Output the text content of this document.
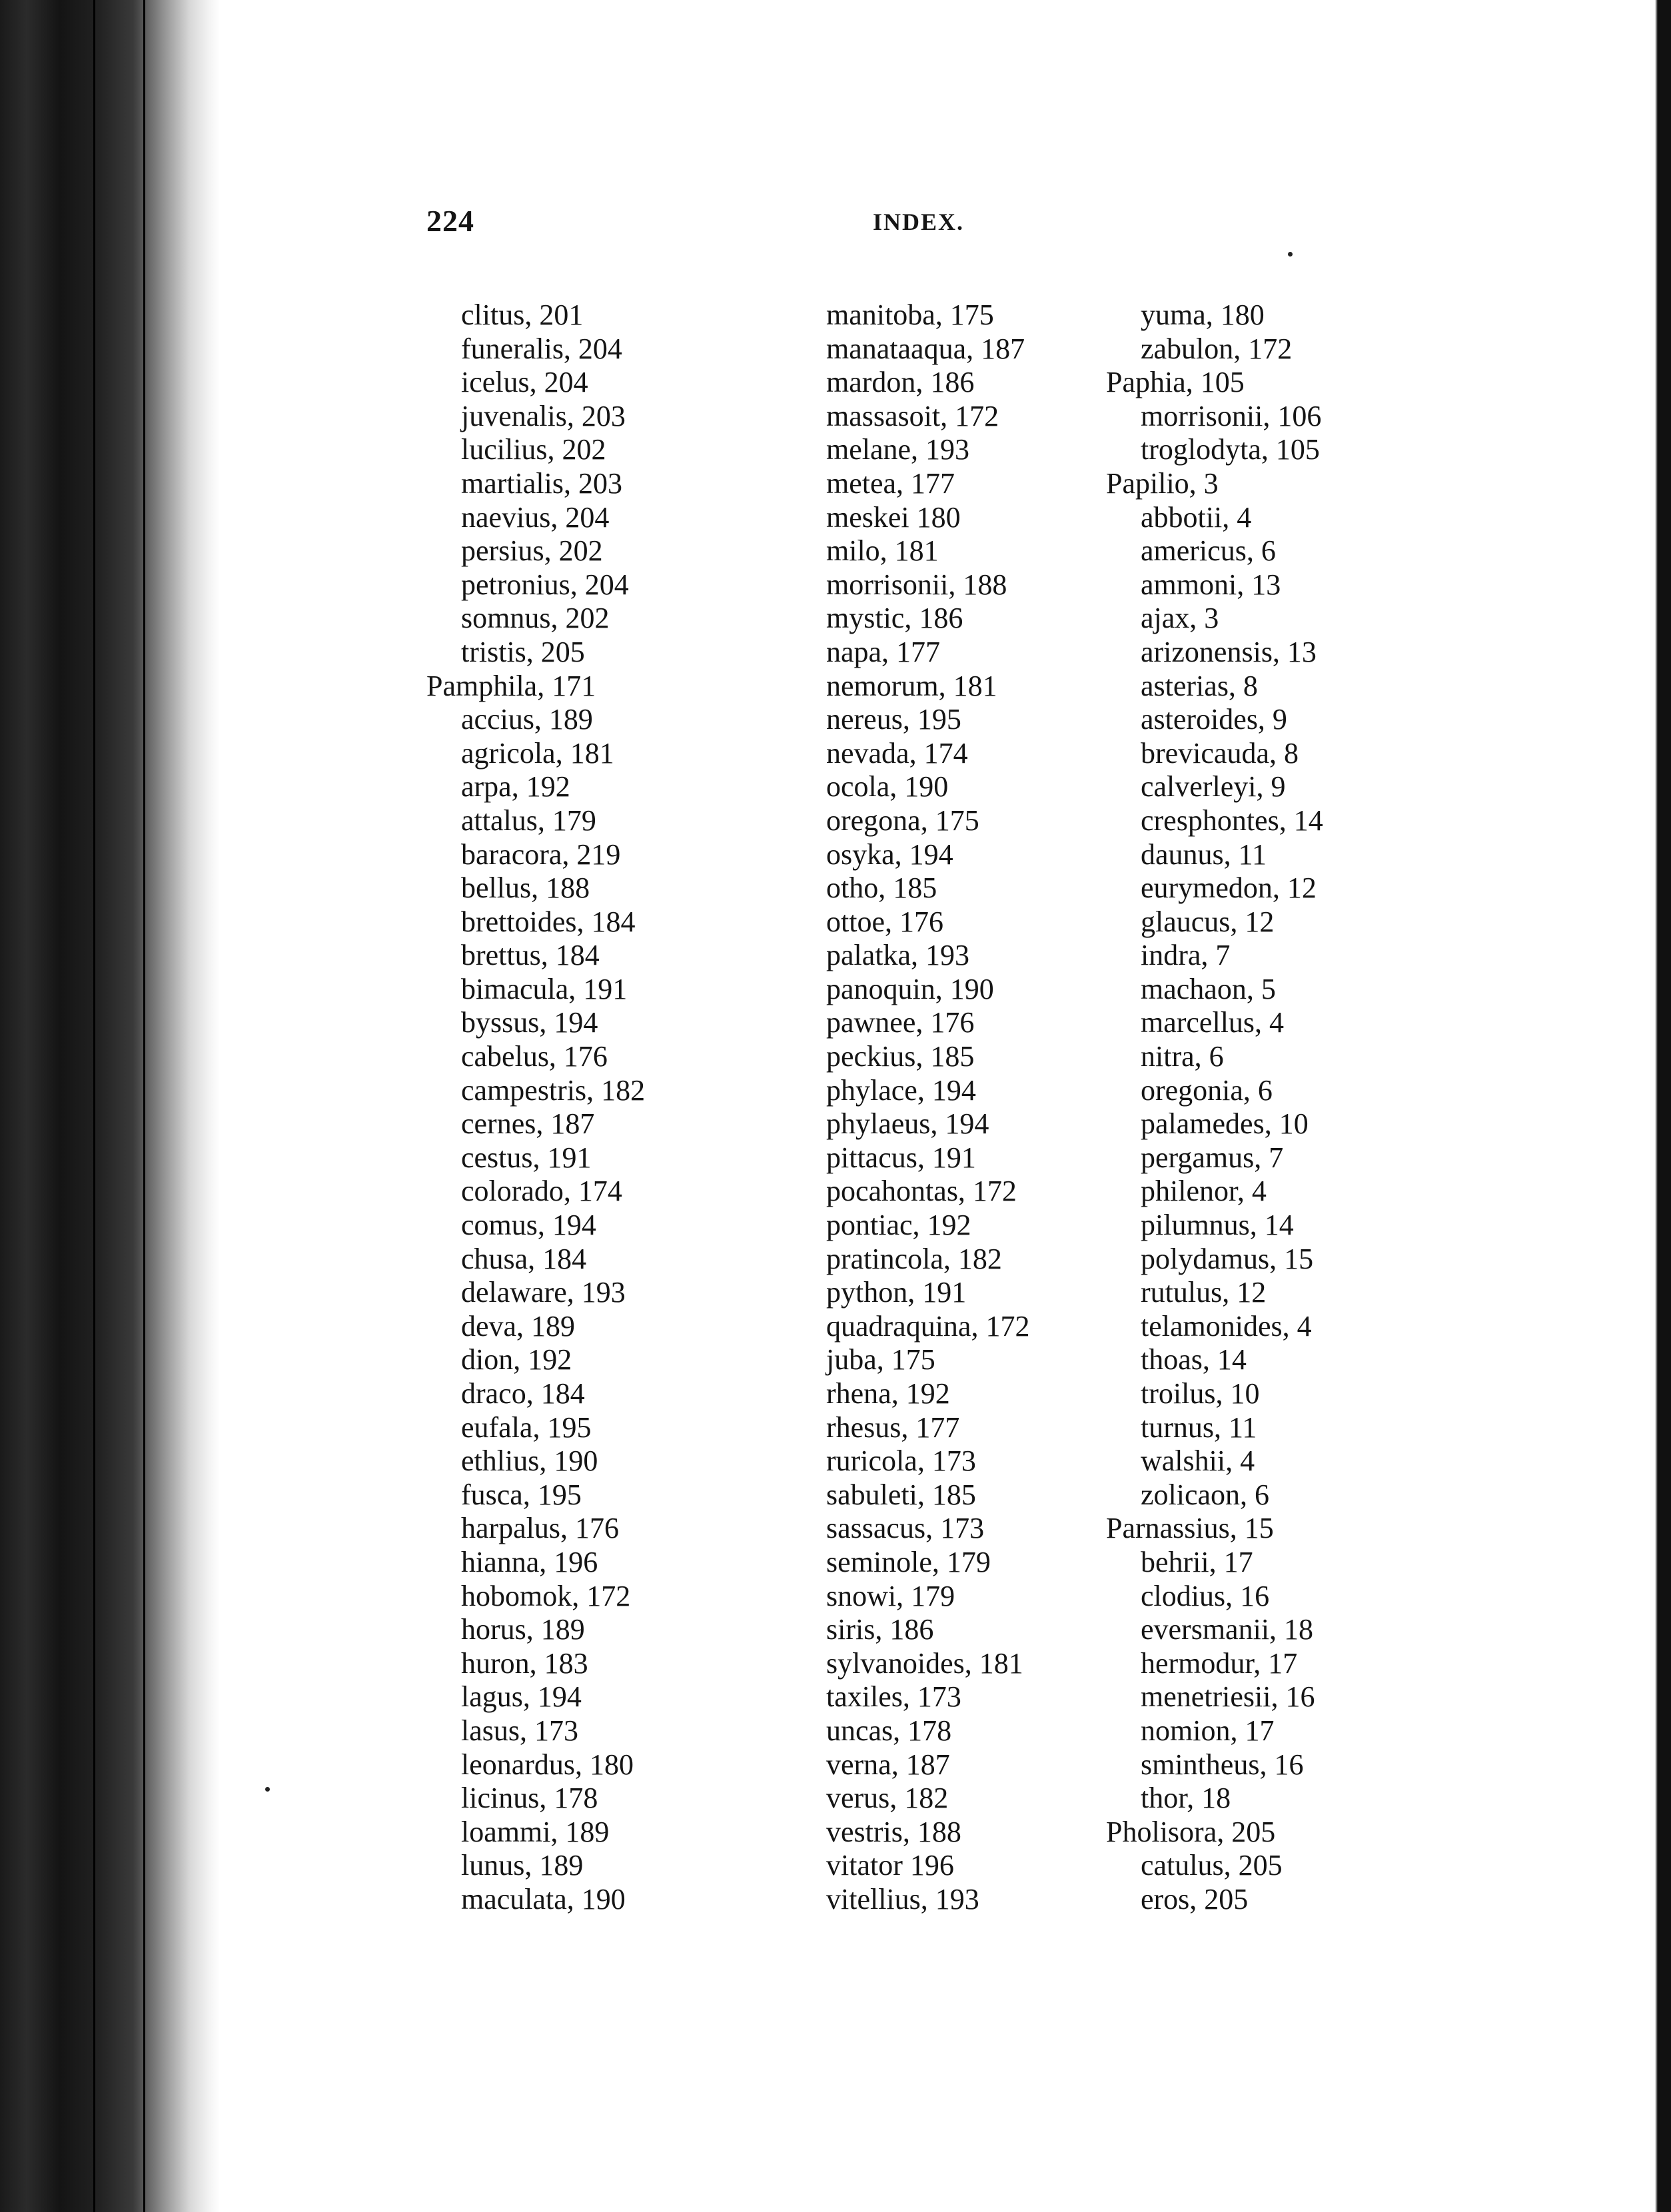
224	INDEX.
clitus, 201
funeralis, 204
icelus, 204
juvenalis, 203
lucilius, 202
martialis, 203
naevius, 204
persius, 202
petronius, 204
somnus, 202
tristis, 205
Pamphila, 171
accius, 189
agricola, 181
arpa, 192
attalus, 179
baracora, 219
bellus, 188
brettoides, 184
brettus, 184
bimacula, 191
byssus, 194
cabelus, 176
campestris, 182
cernes, 187
cestus, 191
colorado, 174
comus, 194
chusa, 184
delaware, 193
deva, 189
dion, 192
draco, 184
eufala, 195
ethlius, 190
fusca, 195
harpalus, 176
hianna, 196
hobomok, 172
horus, 189
huron, 183
lagus, 194
lasus, 173
leonardus, 180
licinus, 178
loammi, 189
lunus, 189
maculata, 190
manitoba, 175
manataaqua, 187
mardon, 186
massasoit, 172
melane, 193
metea, 177
meskei 180
milo, 181
morrisonii, 188
mystic, 186
napa, 177
nemorum, 181
nereus, 195
nevada, 174
ocola, 190
oregona, 175
osyka, 194
otho, 185
ottoe, 176
palatka, 193
panoquin, 190
pawnee, 176
peckius, 185
phylace, 194
phylaeus, 194
pittacus, 191
pocahontas, 172
pontiac, 192
pratincola, 182
python, 191
quadraquina, 172
juba, 175
rhena, 192
rhesus, 177
ruricola, 173
sabuleti, 185
sassacus, 173
seminole, 179
snowi, 179
siris, 186
sylvanoides, 181
taxiles, 173
uncas, 178
verna, 187
verus, 182
vestris, 188
vitator 196
vitellius, 193
yuma, 180
zabulon, 172
Paphia, 105
morrisonii, 106
troglodyta, 105
Papilio, 3
abbotii, 4
americus, 6
ammoni, 13
ajax, 3
arizonensis, 13
asterias, 8
asteroides, 9
brevicauda, 8
calverleyi, 9
cresphontes, 14
daunus, 11
eurymedon, 12
glaucus, 12
indra, 7
machaon, 5
marcellus, 4
nitra, 6
oregonia, 6
palamedes, 10
pergamus, 7
philenor, 4
pilumnus, 14
polydamus, 15
rutulus, 12
telamonides, 4
thoas, 14
troilus, 10
turnus, 11
walshii, 4
zolicaon, 6
Parnassius, 15
behrii, 17
clodius, 16
eversmanii, 18
hermodur, 17
menetriesii, 16
nomion, 17
smintheus, 16
thor, 18
Pholisora, 205
catulus, 205
eros, 205
